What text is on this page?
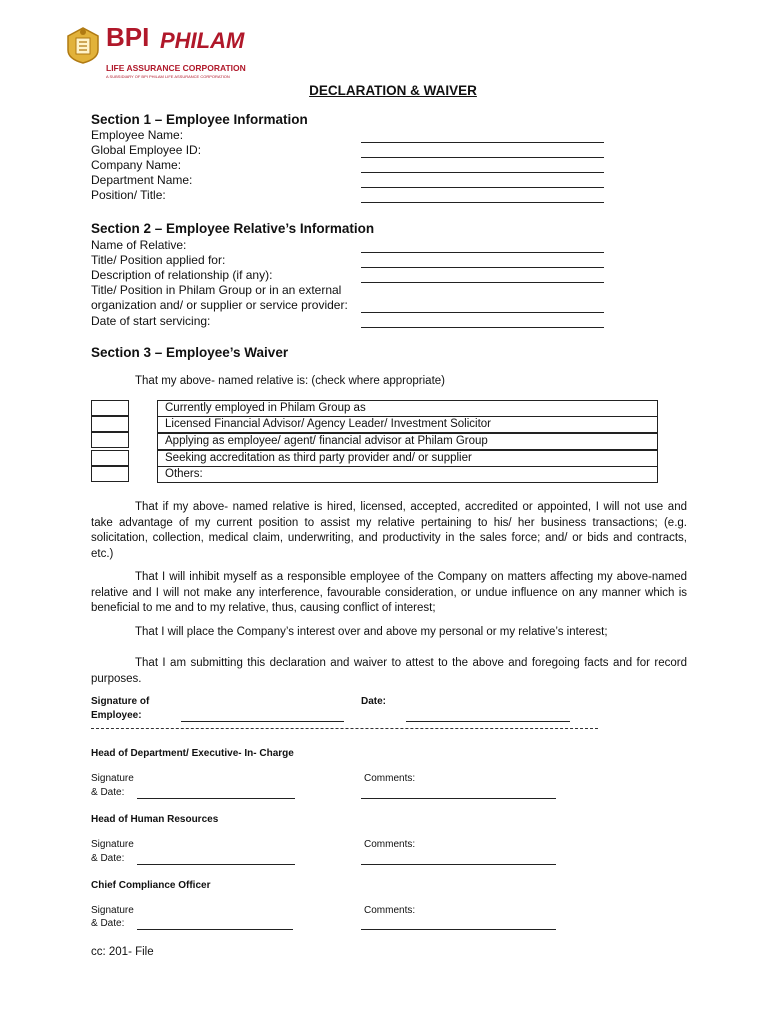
BPI PHILAM
LIFE ASSURANCE CORPORATION
A SUBSIDIARY OF BPI PHILAM LIFE ASSURANCE CORPORATION
DECLARATION & WAIVER
Section 1 – Employee Information
Employee Name:
Global Employee ID:
Company Name:
Department Name:
Position/ Title:
Section 2 – Employee Relative’s Information
Name of Relative:
Title/ Position applied for:
Description of relationship (if any):
Title/ Position in Philam Group or in an external
organization and/ or supplier or service provider:
Date of start servicing:
Section 3 – Employee’s Waiver
That my above- named relative is: (check where appropriate)
Currently employed in Philam Group as
Licensed Financial Advisor/ Agency Leader/ Investment Solicitor
Applying as employee/ agent/ financial advisor at Philam Group
Seeking accreditation as third party provider and/ or supplier
Others:
That if my above- named relative is hired, licensed, accepted, accredited or appointed, I will not use and take advantage of my current position to assist my relative pertaining to his/ her business transactions; (e.g. solicitation, collection, medical claim, underwriting, and productivity in the sales force; and/ or bids and contracts, etc.)
That I will inhibit myself as a responsible employee of the Company on matters affecting my above-named relative and I will not make any interference, favourable consideration, or undue influence on any manner which is beneficial to me and to my relative, thus, causing conflict of interest;
That I will place the Company’s interest over and above my personal or my relative’s interest;
That I am submitting this declaration and waiver to attest to the above and foregoing facts and for record purposes.
Signature of
Employee:
Date:
Head of Department/ Executive- In- Charge
Signature
& Date:
Comments:
Head of Human Resources
Signature
& Date:
Comments:
Chief Compliance Officer
Signature
& Date:
Comments:
cc: 201- File
